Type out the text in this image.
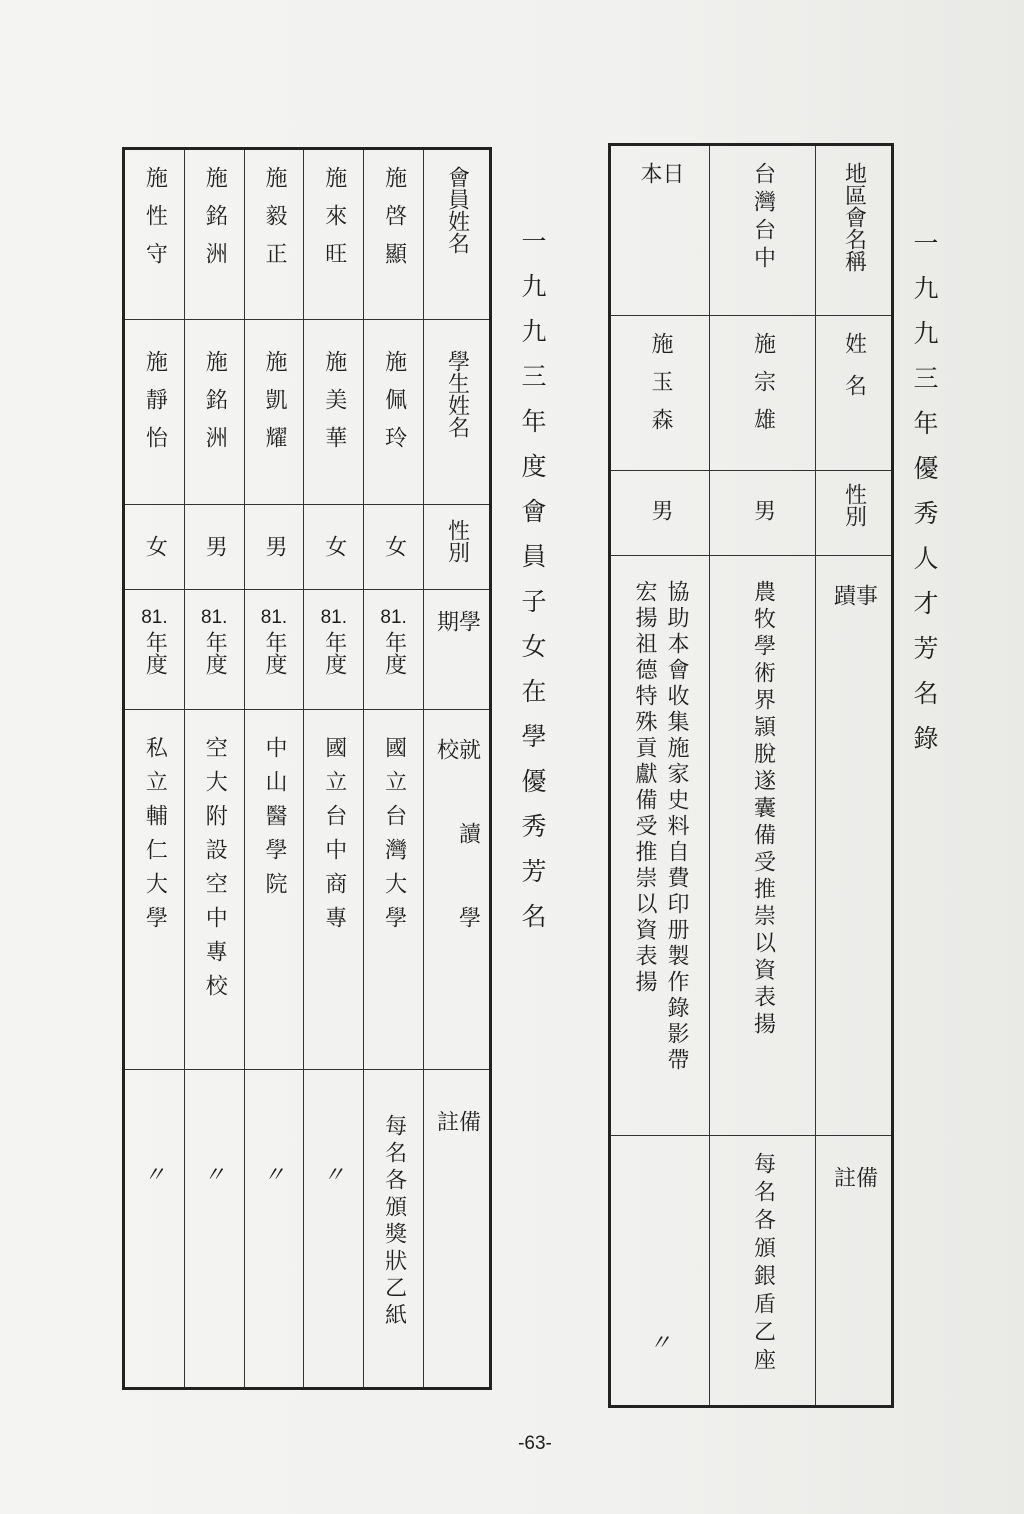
一九九三年優秀人才芳名錄
地區會名稱
姓名
性別
事蹟
備註
台灣台中
施宗雄
男
農牧學術界頴脫遂囊備受推崇以資表揚
每名各頒銀盾乙座
日本
施玉森
男
協助本會收集施家史料自費印册製作錄影帶
宏揚祖德特殊貢獻備受推崇以資表揚
〃
一九九三年度會員子女在學優秀芳名
會員姓名
學生姓名
性別
學期
就讀學校
備註
施啓顯
施佩玲
女
81.
年度
國立台灣大學
每名各頒獎狀乙紙
施來旺
施美華
女
81.
年度
國立台中商專
〃
施毅正
施凱耀
男
81.
年度
中山醫學院
〃
施銘洲
施銘洲
男
81.
年度
空大附設空中專校
〃
施性守
施靜怡
女
81.
年度
私立輔仁大學
〃
-63-
